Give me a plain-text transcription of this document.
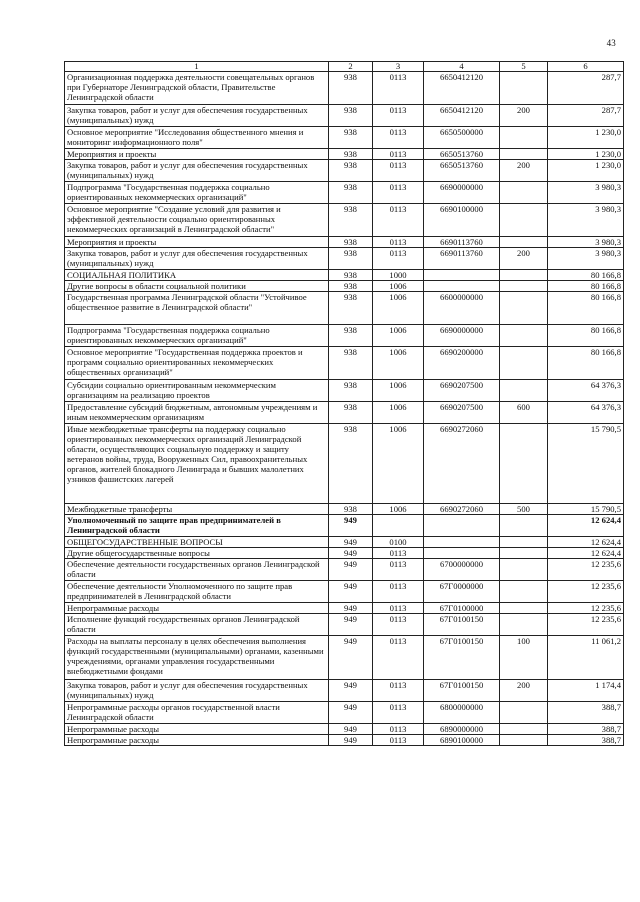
43
1	2	3	4	5	6
Организационная поддержка деятельности совещательных органов при Губернаторе Ленинградской области, Правительстве Ленинградской области	938	0113	6650412120		287,7
Закупка товаров, работ и услуг для обеспечения государственных (муниципальных) нужд	938	0113	6650412120	200	287,7
Основное мероприятие "Исследования общественного мнения и мониторинг информационного поля"	938	0113	6650500000		1 230,0
Мероприятия и проекты	938	0113	6650513760		1 230,0
Закупка товаров, работ и услуг для обеспечения государственных (муниципальных) нужд	938	0113	6650513760	200	1 230,0
Подпрограмма "Государственная поддержка социально ориентированных некоммерческих организаций"	938	0113	6690000000		3 980,3
Основное мероприятие "Создание условий для развития и эффективной деятельности социально ориентированных некоммерческих организаций в Ленинградской области"	938	0113	6690100000		3 980,3
Мероприятия и проекты	938	0113	6690113760		3 980,3
Закупка товаров, работ и услуг для обеспечения государственных (муниципальных) нужд	938	0113	6690113760	200	3 980,3
СОЦИАЛЬНАЯ ПОЛИТИКА	938	1000			80 166,8
Другие вопросы в области социальной политики	938	1006			80 166,8
Государственная программа Ленинградской области "Устойчивое общественное развитие в Ленинградской области"	938	1006	6600000000		80 166,8
Подпрограмма "Государственная поддержка социально ориентированных некоммерческих организаций"	938	1006	6690000000		80 166,8
Основное мероприятие "Государственная поддержка проектов и программ социально ориентированных некоммерческих общественных организаций"	938	1006	6690200000		80 166,8
Субсидии социально ориентированным некоммерческим организациям на реализацию проектов	938	1006	6690207500		64 376,3
Предоставление субсидий бюджетным, автономным учреждениям и иным некоммерческим организациям	938	1006	6690207500	600	64 376,3
Иные межбюджетные трансферты на поддержку социально ориентированных некоммерческих организаций Ленинградской области, осуществляющих социальную поддержку и защиту ветеранов войны, труда, Вооруженных Сил, правоохранительных органов, жителей блокадного Ленинграда и бывших малолетних узников фашистских лагерей	938	1006	6690272060		15 790,5
Межбюджетные трансферты	938	1006	6690272060	500	15 790,5
Уполномоченный по защите прав предпринимателей в Ленинградской области	949				12 624,4
ОБЩЕГОСУДАРСТВЕННЫЕ ВОПРОСЫ	949	0100			12 624,4
Другие общегосударственные вопросы	949	0113			12 624,4
Обеспечение деятельности государственных органов Ленинградской области	949	0113	6700000000		12 235,6
Обеспечение деятельности Уполномоченного по защите прав предпринимателей в Ленинградской области	949	0113	67Г0000000		12 235,6
Непрограммные расходы	949	0113	67Г0100000		12 235,6
Исполнение функций государственных органов Ленинградской области	949	0113	67Г0100150		12 235,6
Расходы на выплаты персоналу в целях обеспечения выполнения функций государственными (муниципальными) органами, казенными учреждениями, органами управления государственными внебюджетными фондами	949	0113	67Г0100150	100	11 061,2
Закупка товаров, работ и услуг для обеспечения государственных (муниципальных) нужд	949	0113	67Г0100150	200	1 174,4
Непрограммные расходы органов государственной власти Ленинградской области	949	0113	6800000000		388,7
Непрограммные расходы	949	0113	6890000000		388,7
Непрограммные расходы	949	0113	6890100000		388,7
